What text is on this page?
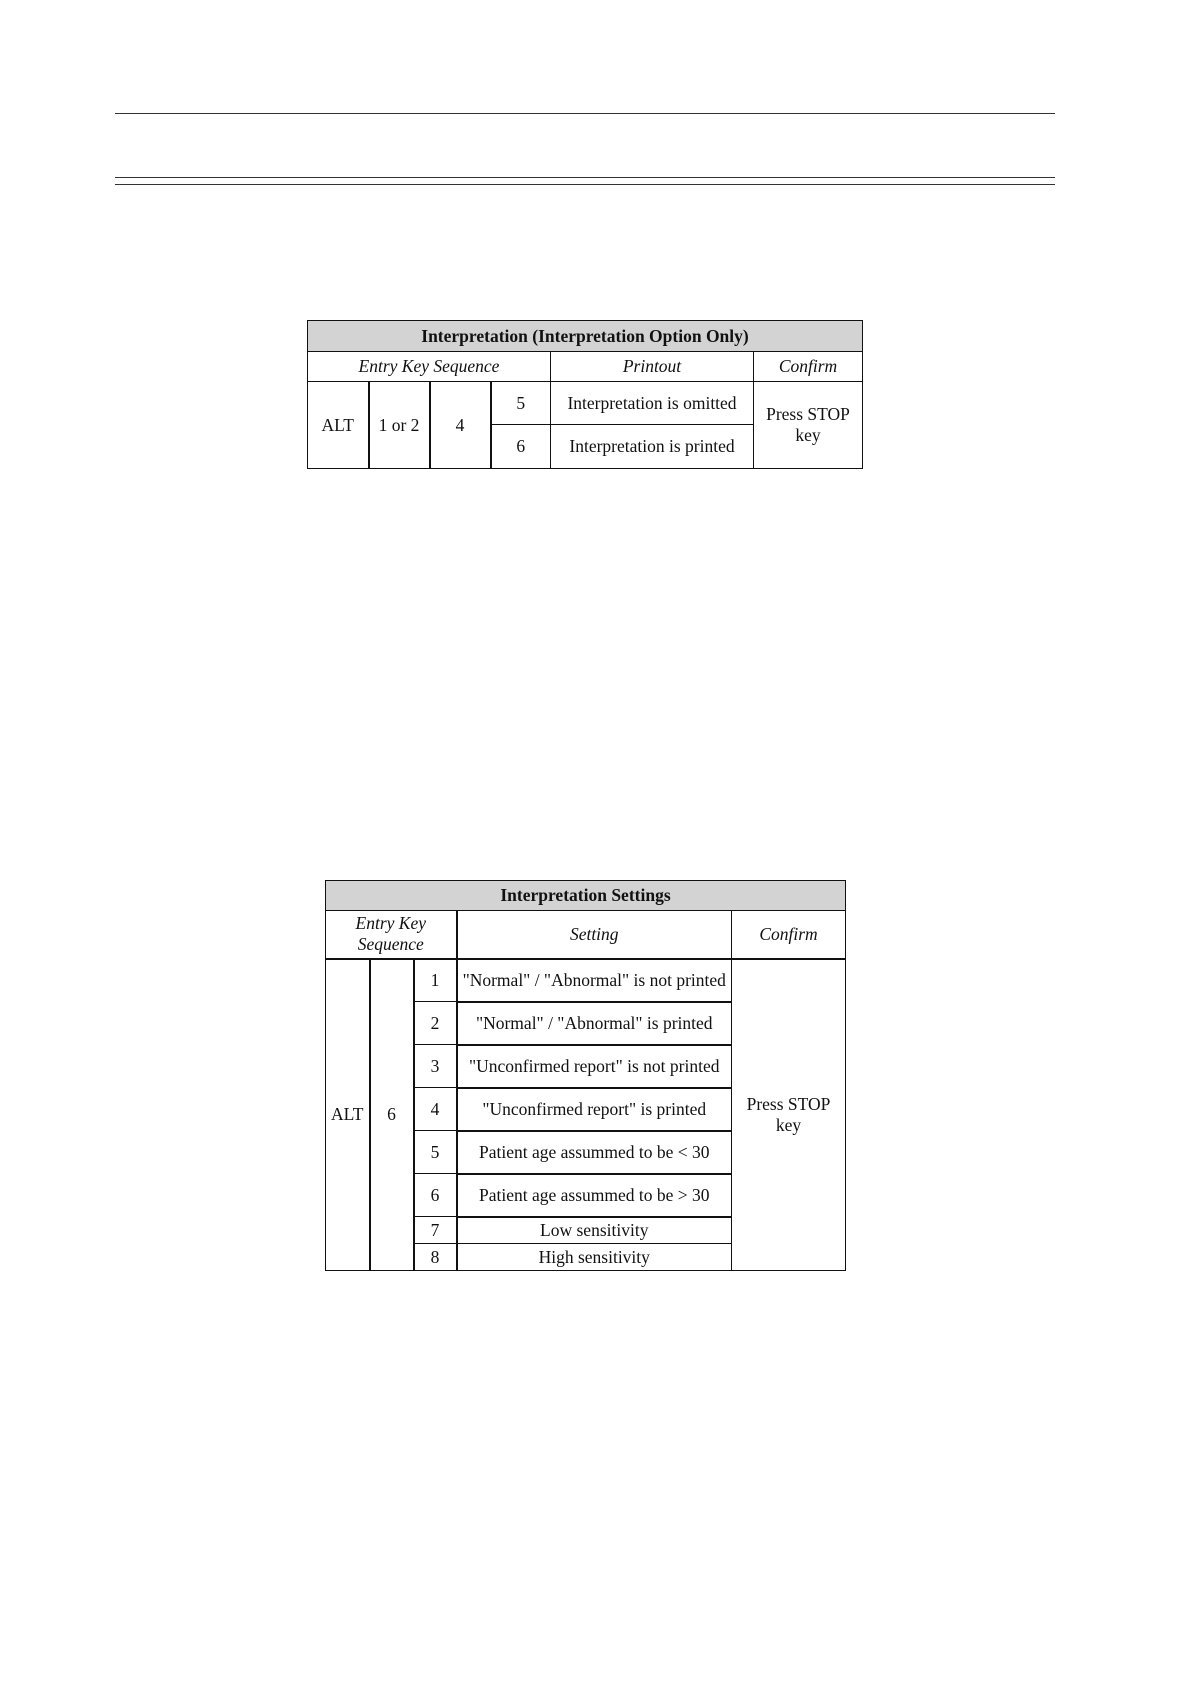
Interpretation (Interpretation Option Only)					
Entry Key Sequence				Printout	Confirm
ALT	1 or 2	4	5	Interpretation is omitted	Press STOP key
			6	Interpretation is printed	
Interpretation Settings				
Entry Key Sequence			Setting	Confirm
ALT	6	1	"Normal" / "Abnormal" is not printed	Press STOP key
		2	"Normal" / "Abnormal" is printed	
		3	"Unconfirmed report" is not printed	
		4	"Unconfirmed report" is printed	
		5	Patient age assummed to be < 30	
		6	Patient age assummed to be > 30	
		7	Low sensitivity	
		8	High sensitivity	
